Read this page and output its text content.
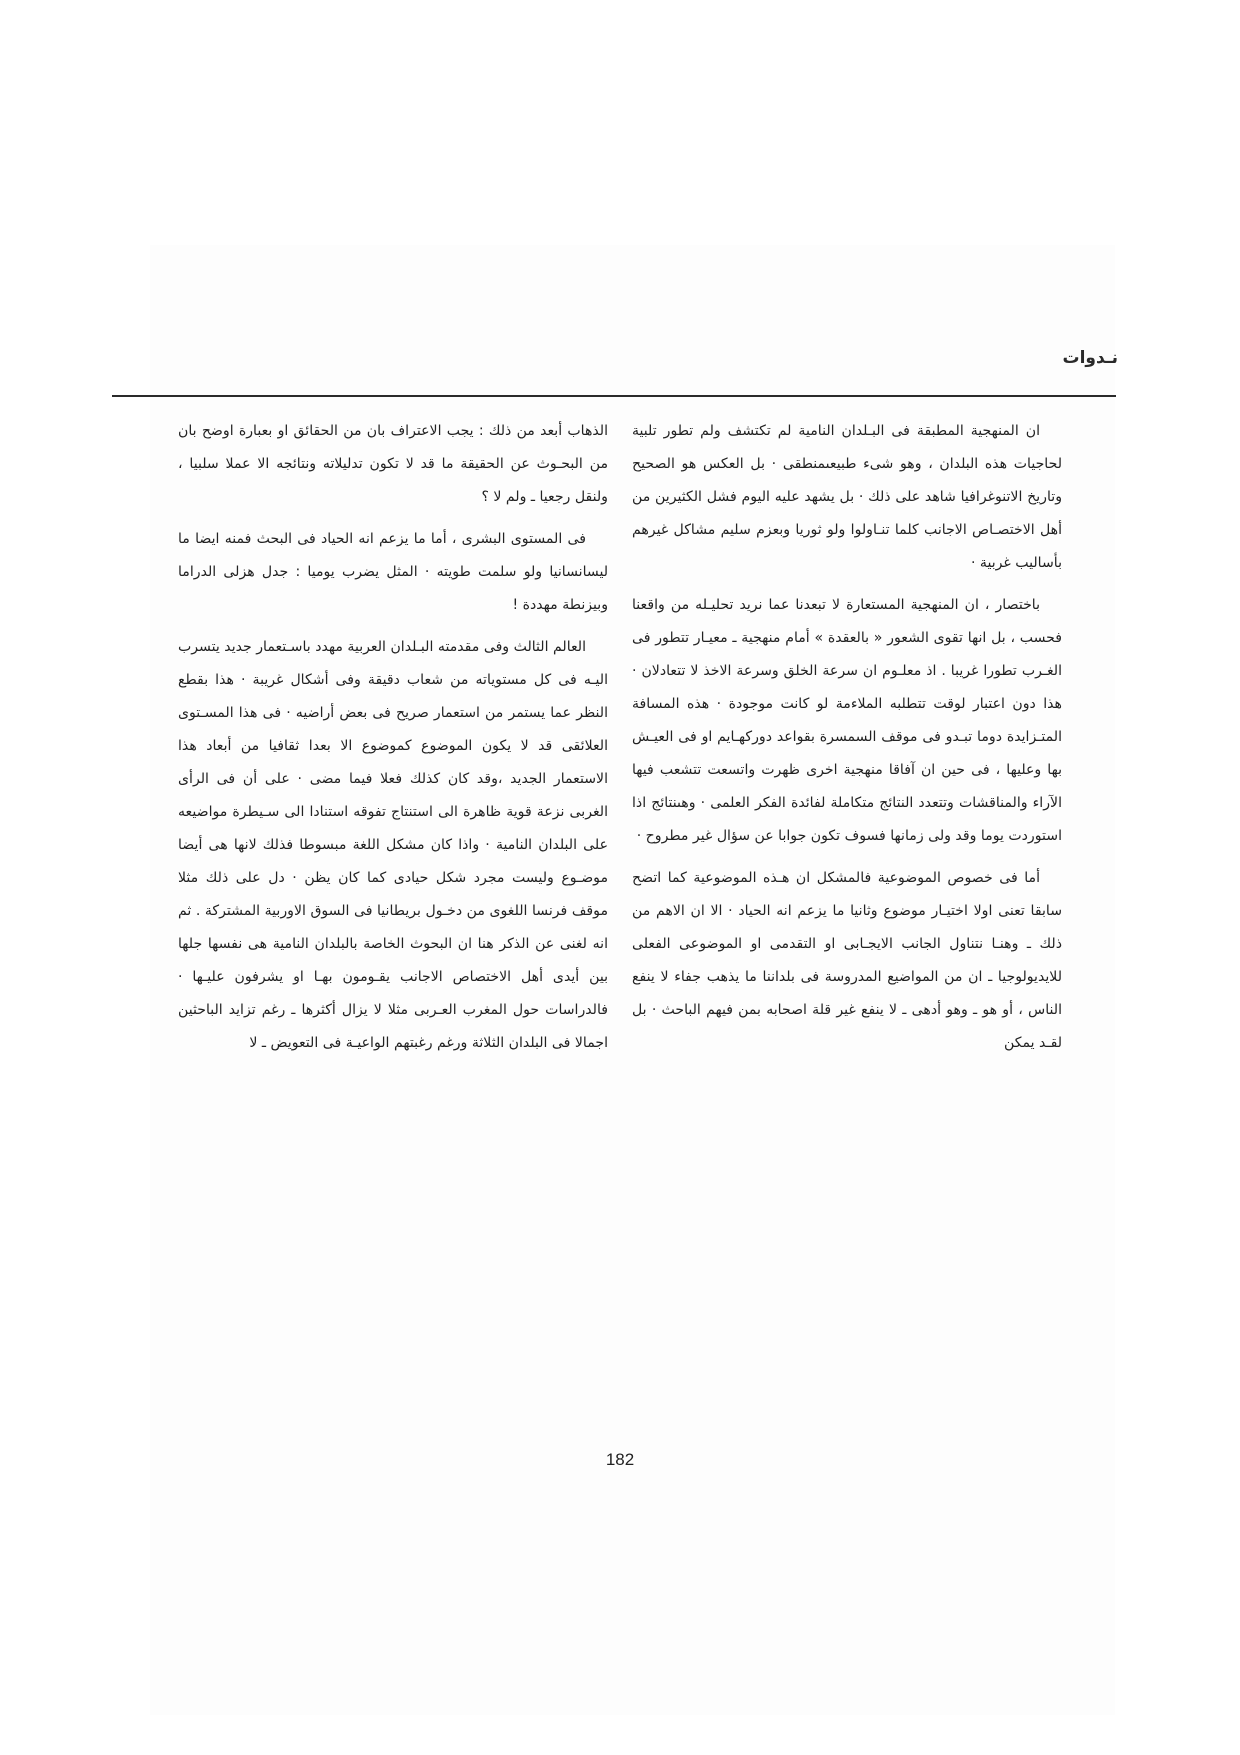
نـدوات

ان المنهجية المطبقة فى البـلدان النامية لم تكتشف ولم تطور تلبية لحاجيات هذه البلدان ، وهو شىء طبيعىمنطقى · بل العكس هو الصحيح وتاريخ الاتنوغرافيا شاهد على ذلك · بل يشهد عليه اليوم فشل الكثيرين من أهل الاختصـاص الاجانب كلما تنـاولوا ولو ثوريا وبعزم سليم مشاكل غيرهم بأساليب غربية ·

باختصار ، ان المنهجية المستعارة لا تبعدنا عما نريد تحليـله من واقعنا فحسب ، بل انها تقوى الشعور « بالعقدة » أمام منهجية ـ معيـار تتطور فى الغـرب تطورا غريبا . اذ معلـوم ان سرعة الخلق وسرعة الاخذ لا تتعادلان · هذا دون اعتبار لوقت تتطلبه الملاءمة لو كانت موجودة · هذه المسافة المتـزايدة دوما تبـدو فى موقف السمسرة بقواعد دوركهـايم او فى العيـش بها وعليها ، فى حين ان آفاقا منهجية اخرى ظهرت واتسعت تتشعب فيها الآراء والمناقشات وتتعدد النتائج متكاملة لفائدة الفكر العلمى · وهىنتائج اذا استوردت يوما وقد ولى زمانها فسوف تكون جوابا عن سؤال غير مطروح ·

أما فى خصوص الموضوعية فالمشكل ان هـذه الموضوعية كما اتضح سابقا تعنى اولا اختيـار موضوع وثانيا ما يزعم انه الحياد · الا ان الاهم من ذلك ـ وهنـا نتناول الجانب الايجـابى او التقدمى او الموضوعى الفعلى للايديولوجيا ـ ان من المواضيع المدروسة فى بلداننا ما يذهب جفاء لا ينفع الناس ، أو هو ـ وهو أدهى ـ لا ينفع غير قلة اصحابه بمن فيهم الباحث · بل لقـد يمكن

الذهاب أبعد من ذلك : يجب الاعتراف بان من الحقائق او بعبارة اوضح بان من البحـوث عن الحقيقة ما قد لا تكون تدليلاته ونتائجه الا عملا سلبيا ، ولنقل رجعيا ـ ولم لا ؟

فى المستوى البشرى ، أما ما يزعم انه الحياد فى البحث فمنه ايضا ما ليسانسانيا ولو سلمت طويته · المثل يضرب يوميا : جدل هزلى الدراما وبيزنطة مهددة !

العالم الثالث وفى مقدمته البـلدان العربية مهدد باسـتعمار جديد يتسرب اليـه فى كل مستوياته من شعاب دقيقة وفى أشكال غريبة · هذا بقطع النظر عما يستمر من استعمار صريح فى بعض أراضيه · فى هذا المسـتوى العلائقى قد لا يكون الموضوع كموضوع الا بعدا ثقافيا من أبعاد هذا الاستعمار الجديد ،وقد كان كذلك فعلا فيما مضى · على أن فى الرأى الغربى نزعة قوية ظاهرة الى استنتاج تفوقه استنادا الى سـيطرة مواضيعه على البلدان النامية · واذا كان مشكل اللغة مبسوطا فذلك لانها هى أيضا موضـوع وليست مجرد شكل حيادى كما كان يظن · دل على ذلك مثلا موقف فرنسا اللغوى من دخـول بريطانيا فى السوق الاوربية المشتركة . ثم انه لغنى عن الذكر هنا ان البحوث الخاصة بالبلدان النامية هى نفسها جلها بين أيدى أهل الاختصاص الاجانب يقـومون بهـا او يشرفون عليـها · فالدراسات حول المغرب العـربى مثلا لا يزال أكثرها ـ رغم تزايد الباحثين اجمالا فى البلدان الثلاثة ورغم رغبتهم الواعيـة فى التعويض ـ لا

182
